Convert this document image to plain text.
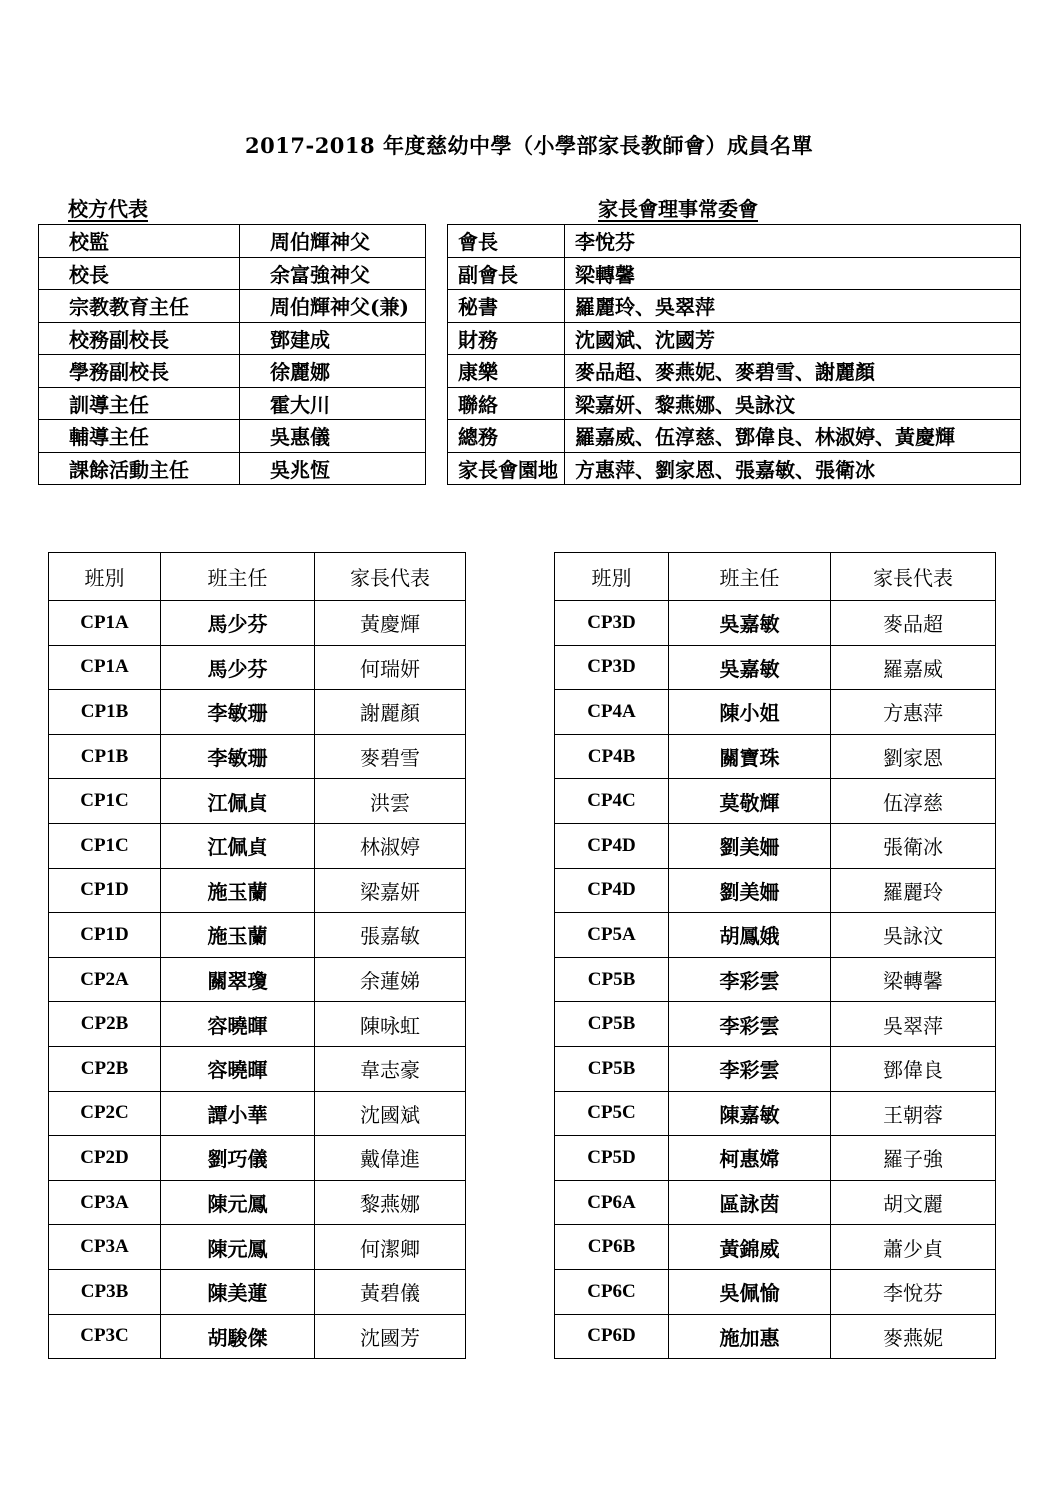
2017-2018 年度慈幼中學（小學部家長教師會）成員名單
校方代表	家長會理事常委會
校監	周伯輝神父
校長	余富強神父
宗教教育主任	周伯輝神父(兼)
校務副校長	鄧建成
學務副校長	徐麗娜
訓導主任	霍大川
輔導主任	吳惠儀
課餘活動主任	吳兆恆
會長	李悅芬
副會長	梁轉馨
秘書	羅麗玲、吳翠萍
財務	沈國斌、沈國芳
康樂	麥品超、麥燕妮、麥碧雪、謝麗顏
聯絡	梁嘉妍、黎燕娜、吳詠汶
總務	羅嘉威、伍淳慈、鄧偉良、林淑婷、黃慶輝
家長會園地	方惠萍、劉家恩、張嘉敏、張衛冰
班別	班主任	家長代表
CP1A	馬少芬	黃慶輝
CP1A	馬少芬	何瑞妍
CP1B	李敏珊	謝麗顏
CP1B	李敏珊	麥碧雪
CP1C	江佩貞	洪雲
CP1C	江佩貞	林淑婷
CP1D	施玉蘭	梁嘉妍
CP1D	施玉蘭	張嘉敏
CP2A	關翠瓊	余蓮娣
CP2B	容曉暉	陳咏虹
CP2B	容曉暉	韋志豪
CP2C	譚小華	沈國斌
CP2D	劉巧儀	戴偉進
CP3A	陳元鳳	黎燕娜
CP3A	陳元鳳	何潔卿
CP3B	陳美蓮	黃碧儀
CP3C	胡駿傑	沈國芳
班別	班主任	家長代表
CP3D	吳嘉敏	麥品超
CP3D	吳嘉敏	羅嘉威
CP4A	陳小姐	方惠萍
CP4B	關寶珠	劉家恩
CP4C	莫敬輝	伍淳慈
CP4D	劉美姍	張衛冰
CP4D	劉美姍	羅麗玲
CP5A	胡鳳娥	吳詠汶
CP5B	李彩雲	梁轉馨
CP5B	李彩雲	吳翠萍
CP5B	李彩雲	鄧偉良
CP5C	陳嘉敏	王朝蓉
CP5D	柯惠嫦	羅子強
CP6A	區詠茵	胡文麗
CP6B	黃錦威	蕭少貞
CP6C	吳佩愉	李悅芬
CP6D	施加惠	麥燕妮
